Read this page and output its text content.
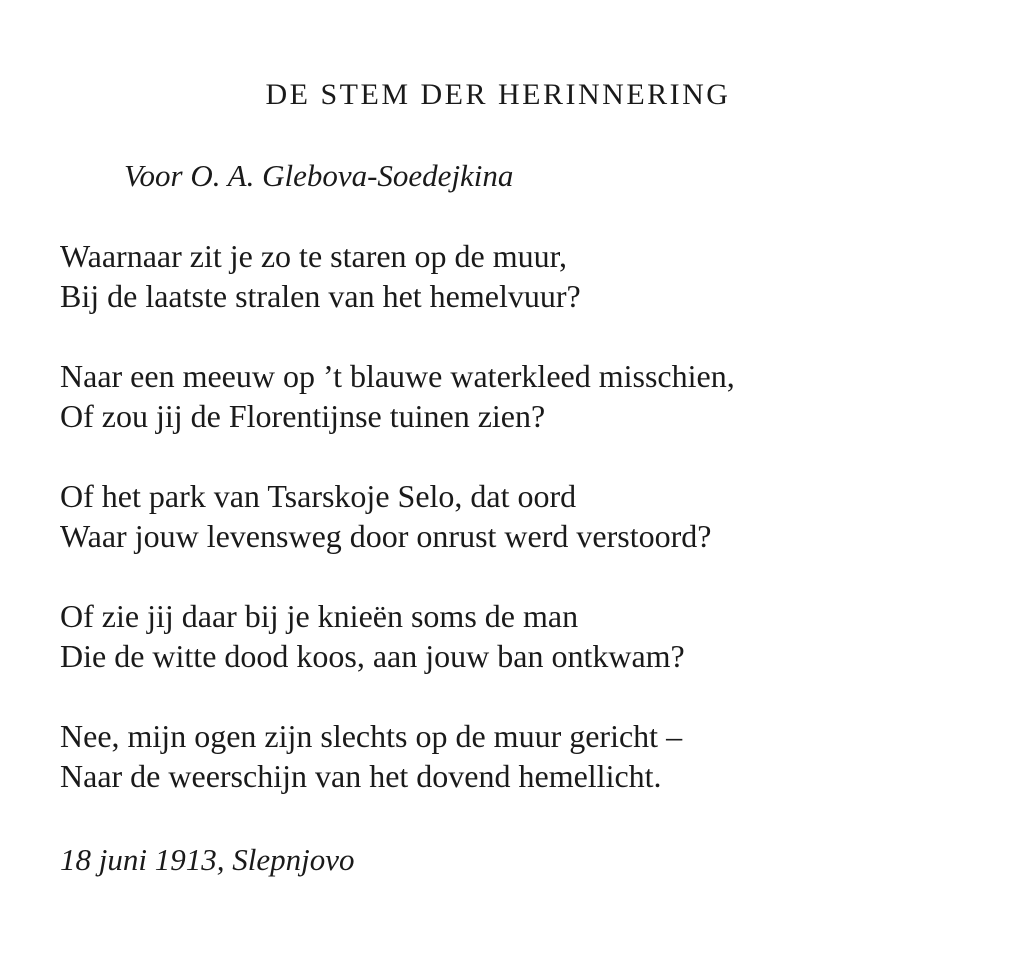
DE STEM DER HERINNERING

Voor O. A. Glebova-Soedejkina

Waarnaar zit je zo te staren op de muur,
Bij de laatste stralen van het hemelvuur?
Naar een meeuw op ’t blauwe waterkleed misschien,
Of zou jij de Florentijnse tuinen zien?
Of het park van Tsarskoje Selo, dat oord
Waar jouw levensweg door onrust werd verstoord?
Of zie jij daar bij je knieën soms de man
Die de witte dood koos, aan jouw ban ontkwam?
Nee, mijn ogen zijn slechts op de muur gericht –
Naar de weerschijn van het dovend hemellicht.

18 juni 1913, Slepnjovo
